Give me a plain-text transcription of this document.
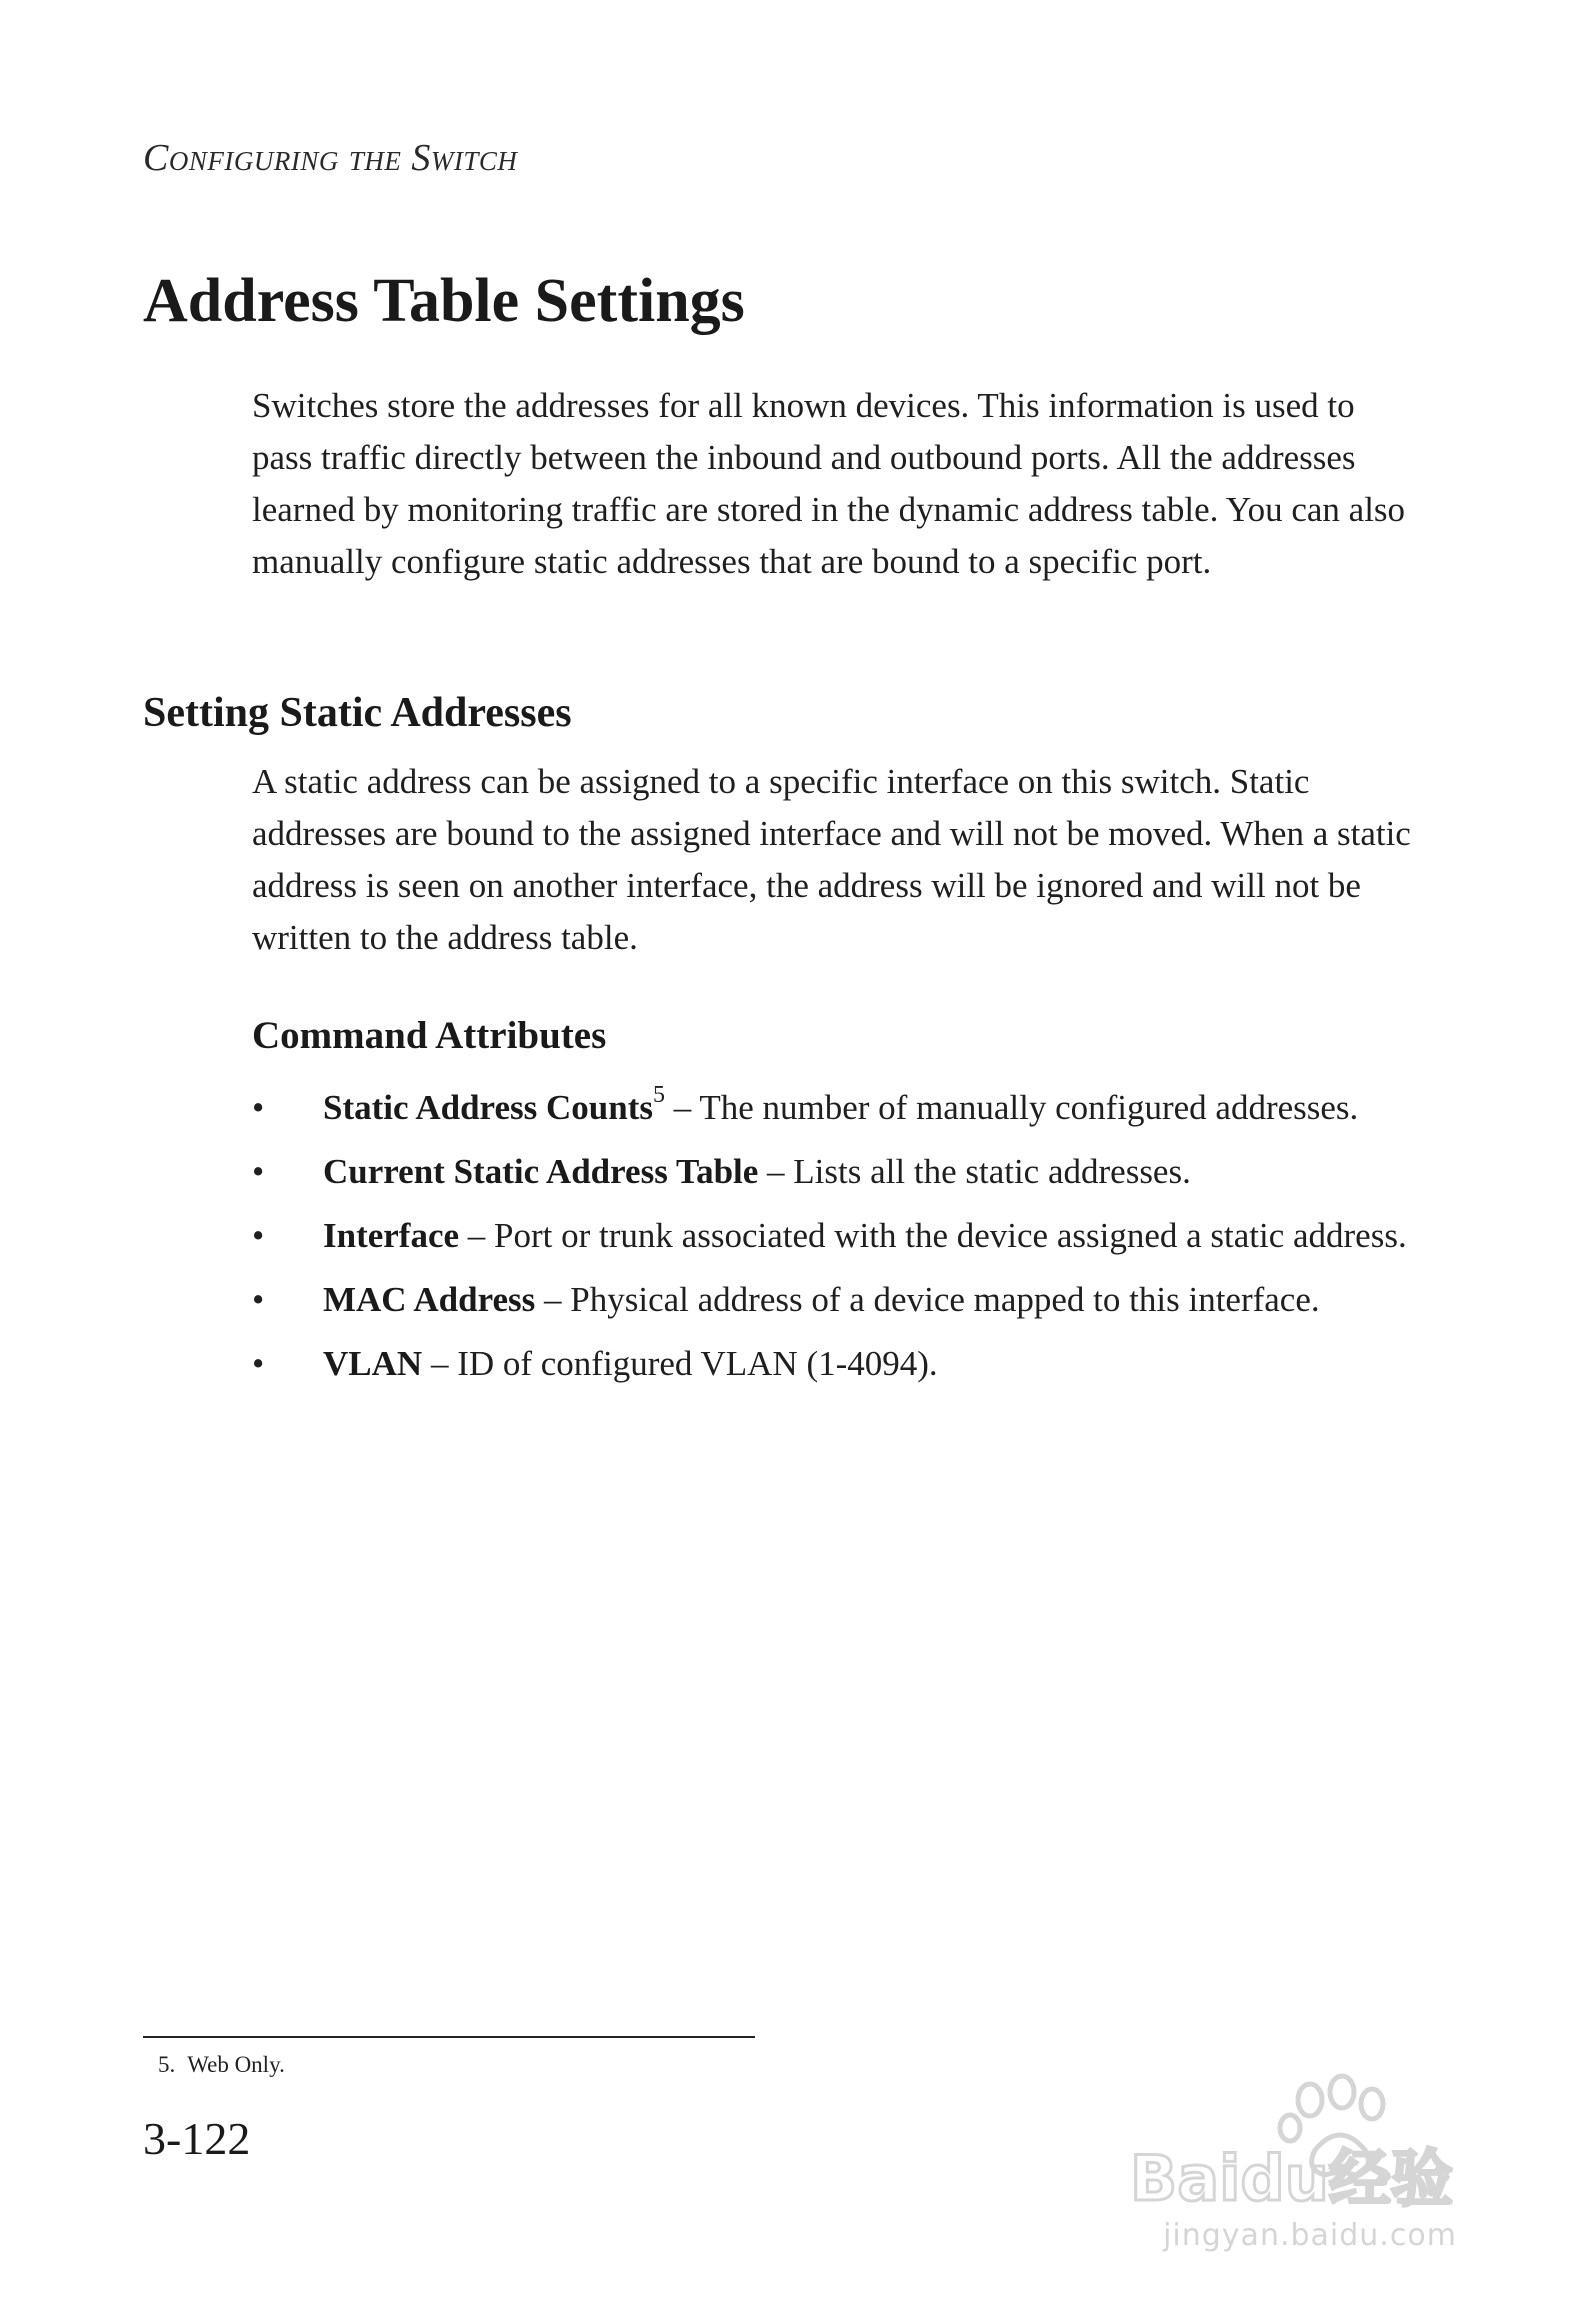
Configuring the Switch
Address Table Settings

Switches store the addresses for all known devices. This information is used to pass traffic directly between the inbound and outbound ports. All the addresses learned by monitoring traffic are stored in the dynamic address table. You can also manually configure static addresses that are bound to a specific port.

Setting Static Addresses

A static address can be assigned to a specific interface on this switch. Static addresses are bound to the assigned interface and will not be moved. When a static address is seen on another interface, the address will be ignored and will not be written to the address table.

Command Attributes
• Static Address Counts$^5$ – The number of manually configured addresses.
• Current Static Address Table – Lists all the static addresses.
• Interface – Port or trunk associated with the device assigned a static address.
• MAC Address – Physical address of a device mapped to this interface.
• VLAN – ID of configured VLAN (1-4094).
5. Web Only.
3-122
Baidu经验
jingyan.baidu.com
